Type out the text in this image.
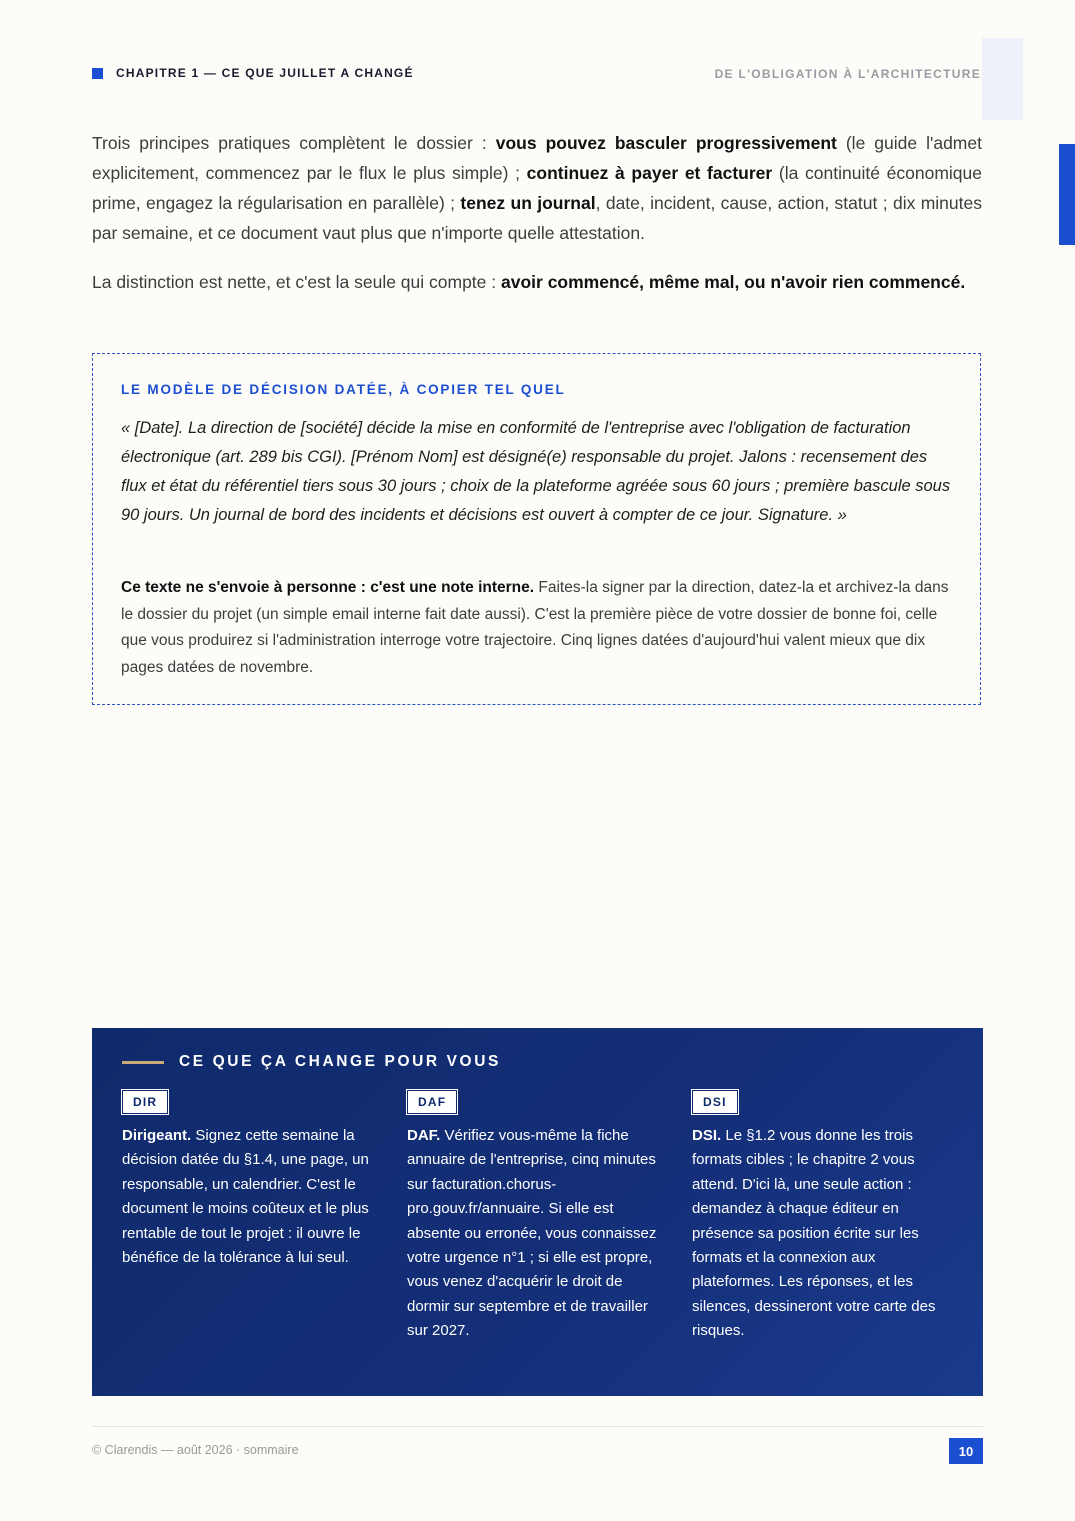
CHAPITRE 1 — CE QUE JUILLET A CHANGÉ	DE L'OBLIGATION À L'ARCHITECTURE

Trois principes pratiques complètent le dossier : vous pouvez basculer progressivement (le guide l'admet explicitement, commencez par le flux le plus simple) ; continuez à payer et facturer (la continuité économique prime, engagez la régularisation en parallèle) ; tenez un journal, date, incident, cause, action, statut ; dix minutes par semaine, et ce document vaut plus que n'importe quelle attestation.

La distinction est nette, et c'est la seule qui compte : avoir commencé, même mal, ou n'avoir rien commencé.

LE MODÈLE DE DÉCISION DATÉE, À COPIER TEL QUEL

« [Date]. La direction de [société] décide la mise en conformité de l'entreprise avec l'obligation de facturation électronique (art. 289 bis CGI). [Prénom Nom] est désigné(e) responsable du projet. Jalons : recensement des flux et état du référentiel tiers sous 30 jours ; choix de la plateforme agréée sous 60 jours ; première bascule sous 90 jours. Un journal de bord des incidents et décisions est ouvert à compter de ce jour. Signature. »

Ce texte ne s'envoie à personne : c'est une note interne. Faites-la signer par la direction, datez-la et archivez-la dans le dossier du projet (un simple email interne fait date aussi). C'est la première pièce de votre dossier de bonne foi, celle que vous produirez si l'administration interroge votre trajectoire. Cinq lignes datées d'aujourd'hui valent mieux que dix pages datées de novembre.

CE QUE ÇA CHANGE POUR VOUS
DIR

Dirigeant. Signez cette semaine la décision datée du §1.4, une page, un responsable, un calendrier. C'est le document le moins coûteux et le plus rentable de tout le projet : il ouvre le bénéfice de la tolérance à lui seul.

DAF

DAF. Vérifiez vous-même la fiche annuaire de l'entreprise, cinq minutes sur facturation.chorus-pro.gouv.fr/annuaire. Si elle est absente ou erronée, vous connaissez votre urgence n°1 ; si elle est propre, vous venez d'acquérir le droit de dormir sur septembre et de travailler sur 2027.

DSI

DSI. Le §1.2 vous donne les trois formats cibles ; le chapitre 2 vous attend. D'ici là, une seule action : demandez à chaque éditeur en présence sa position écrite sur les formats et la connexion aux plateformes. Les réponses, et les silences, dessineront votre carte des risques.

© Clarendis — août 2026 · sommaire	10
